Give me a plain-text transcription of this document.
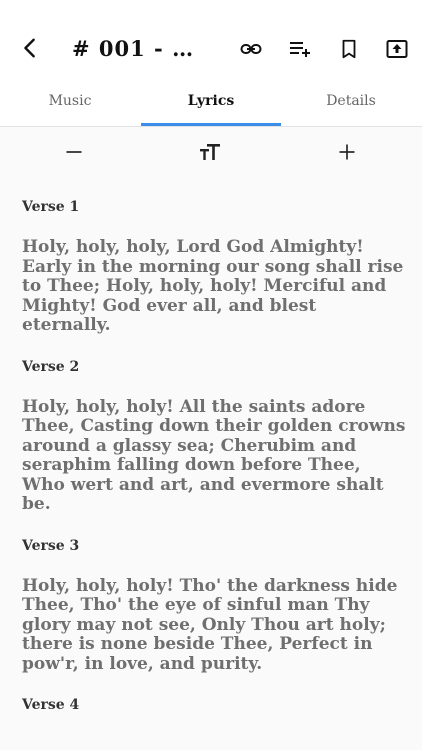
# 001 - …
Music	Lyrics	Details
Verse 1
Holy, holy, holy, Lord God Almighty! Early in the morning our song shall rise to Thee; Holy, holy, holy! Merciful and Mighty! God ever all, and blest eternally.
Verse 2
Holy, holy, holy! All the saints adore Thee, Casting down their golden crowns around a glassy sea; Cherubim and seraphim falling down before Thee, Who wert and art, and evermore shalt be.
Verse 3
Holy, holy, holy! Tho' the darkness hide Thee, Tho' the eye of sinful man Thy glory may not see, Only Thou art holy; there is none beside Thee, Perfect in pow'r, in love, and purity.
Verse 4
